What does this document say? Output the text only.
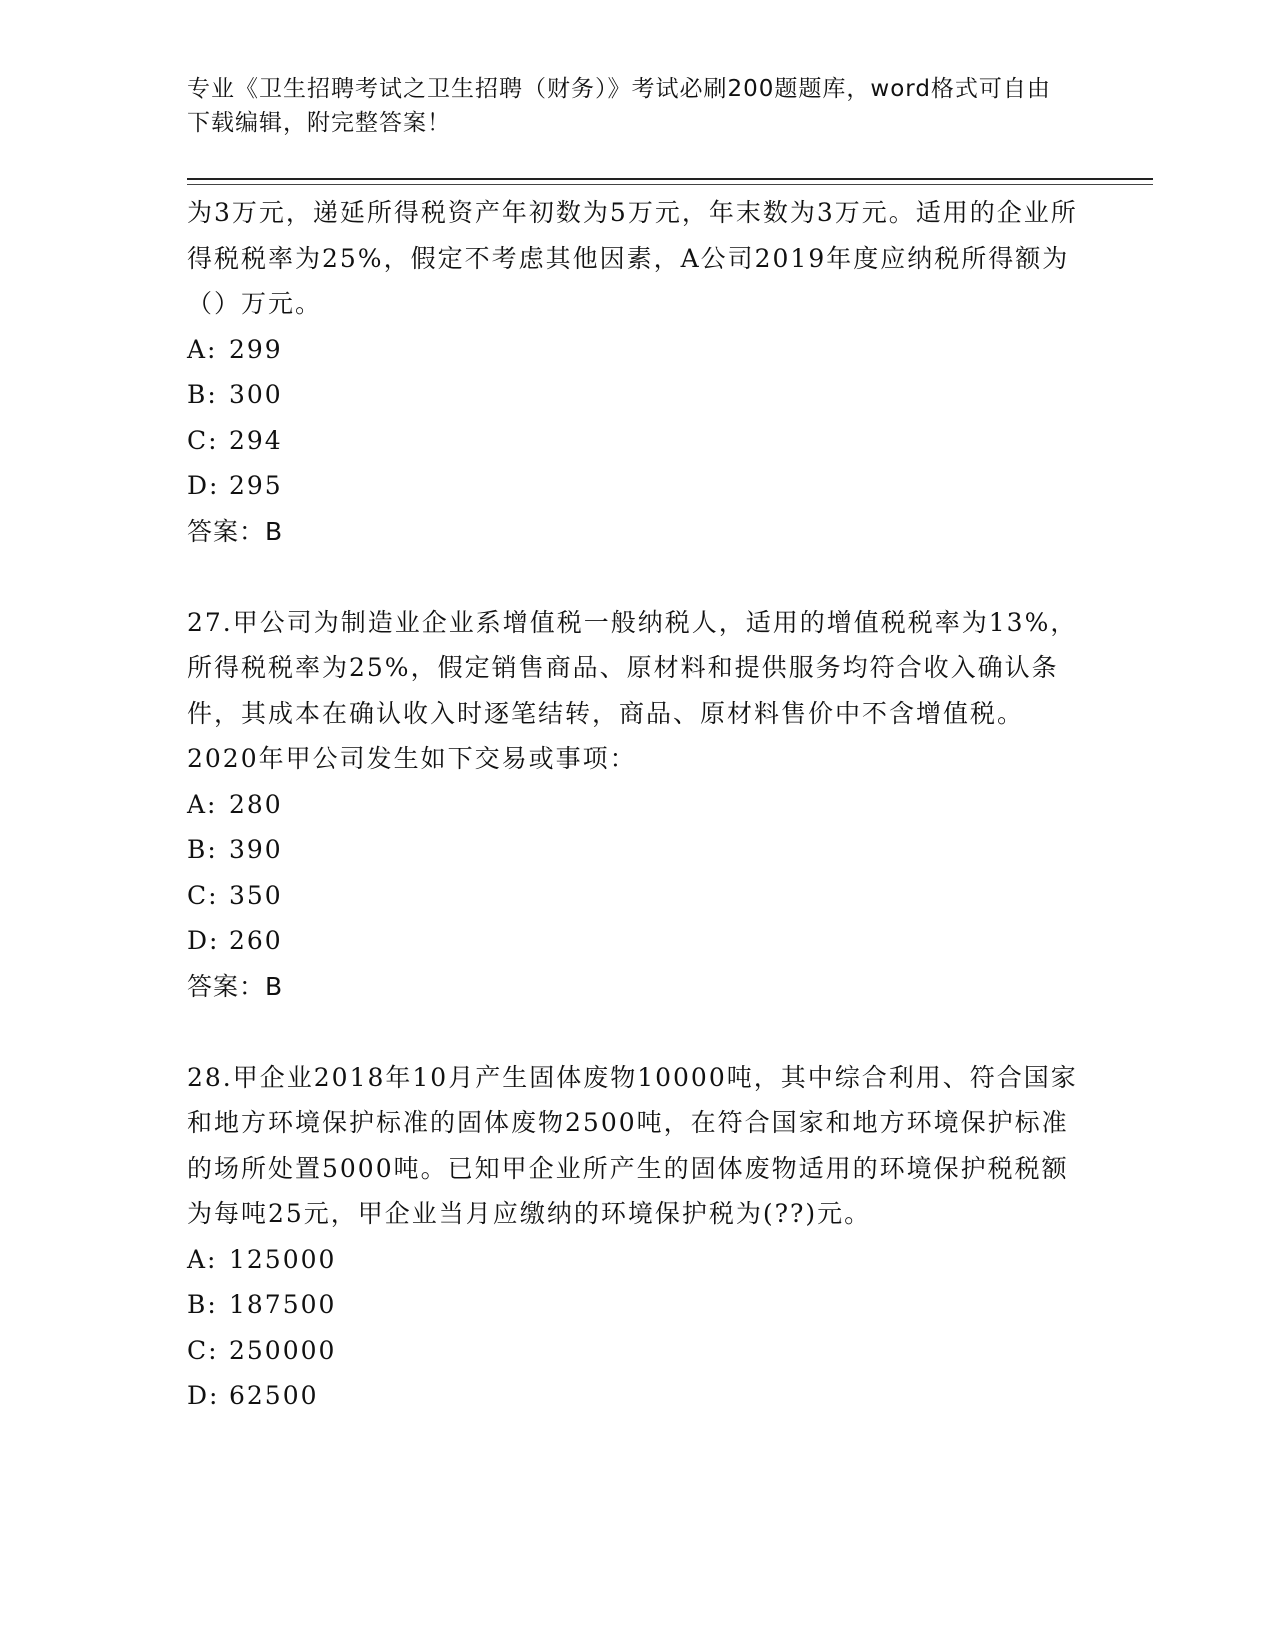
专业《卫生招聘考试之卫生招聘（财务）》考试必刷200题题库，word格式可自由下载编辑，附完整答案！
为3万元，递延所得税资产年初数为5万元，年末数为3万元。适用的企业所得税税率为25%，假定不考虑其他因素，A公司2019年度应纳税所得额为（）万元。
A: 299
B: 300
C: 294
D: 295
答案：B
27.甲公司为制造业企业系增值税一般纳税人，适用的增值税税率为13%，所得税税率为25%，假定销售商品、原材料和提供服务均符合收入确认条件，其成本在确认收入时逐笔结转，商品、原材料售价中不含增值税。2020年甲公司发生如下交易或事项：
A: 280
B: 390
C: 350
D: 260
答案：B
28.甲企业2018年10月产生固体废物10000吨，其中综合利用、符合国家和地方环境保护标准的固体废物2500吨，在符合国家和地方环境保护标准的场所处置5000吨。已知甲企业所产生的固体废物适用的环境保护税税额为每吨25元，甲企业当月应缴纳的环境保护税为(??)元。
A: 125000
B: 187500
C: 250000
D: 62500
